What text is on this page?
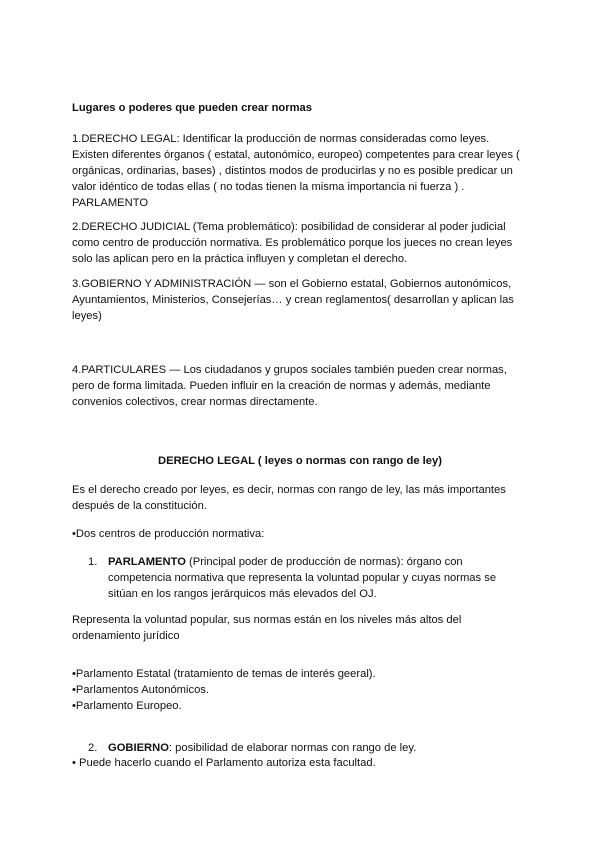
Lugares o poderes que pueden crear normas

1.DERECHO LEGAL: Identificar la producción de normas consideradas como leyes. Existen diferentes órganos ( estatal, autonómico, europeo) competentes para crear leyes ( orgánicas, ordinarias, bases) , distintos modos de producirlas y no es posible predicar un valor idéntico de todas ellas ( no todas tienen la misma importancia ni fuerza ) . PARLAMENTO

2.DERECHO JUDICIAL (Tema problemático): posibilidad de considerar al poder judicial como centro de producción normativa. Es problemático porque los jueces no crean leyes solo las aplican pero en la práctica influyen y completan el derecho.

3.GOBIERNO Y ADMINISTRACIÓN — son el Gobierno estatal, Gobiernos autonómicos, Ayuntamientos, Ministerios, Consejerías… y crean reglamentos( desarrollan y aplican las leyes)

4.PARTICULARES — Los ciudadanos y grupos sociales también pueden crear normas, pero de forma limitada. Pueden influir en la creación de normas y además, mediante convenios colectivos, crear normas directamente.

DERECHO LEGAL ( leyes o normas con rango de ley)

Es el derecho creado por leyes, es decir, normas con rango de ley, las más importantes después de la constitución.

•Dos centros de producción normativa:

1. PARLAMENTO (Principal poder de producción de normas): órgano con competencia normativa que representa la voluntad popular y cuyas normas se sitúan en los rangos jerárquicos más elevados del OJ.

Representa la voluntad popular, sus normas están en los niveles más altos del ordenamiento jurídico

•Parlamento Estatal (tratamiento de temas de interés geeral).
•Parlamentos Autonómicos.
•Parlamento Europeo.
2. GOBIERNO: posibilidad de elaborar normas con rango de ley.

• Puede hacerlo cuando el Parlamento autoriza esta facultad.
